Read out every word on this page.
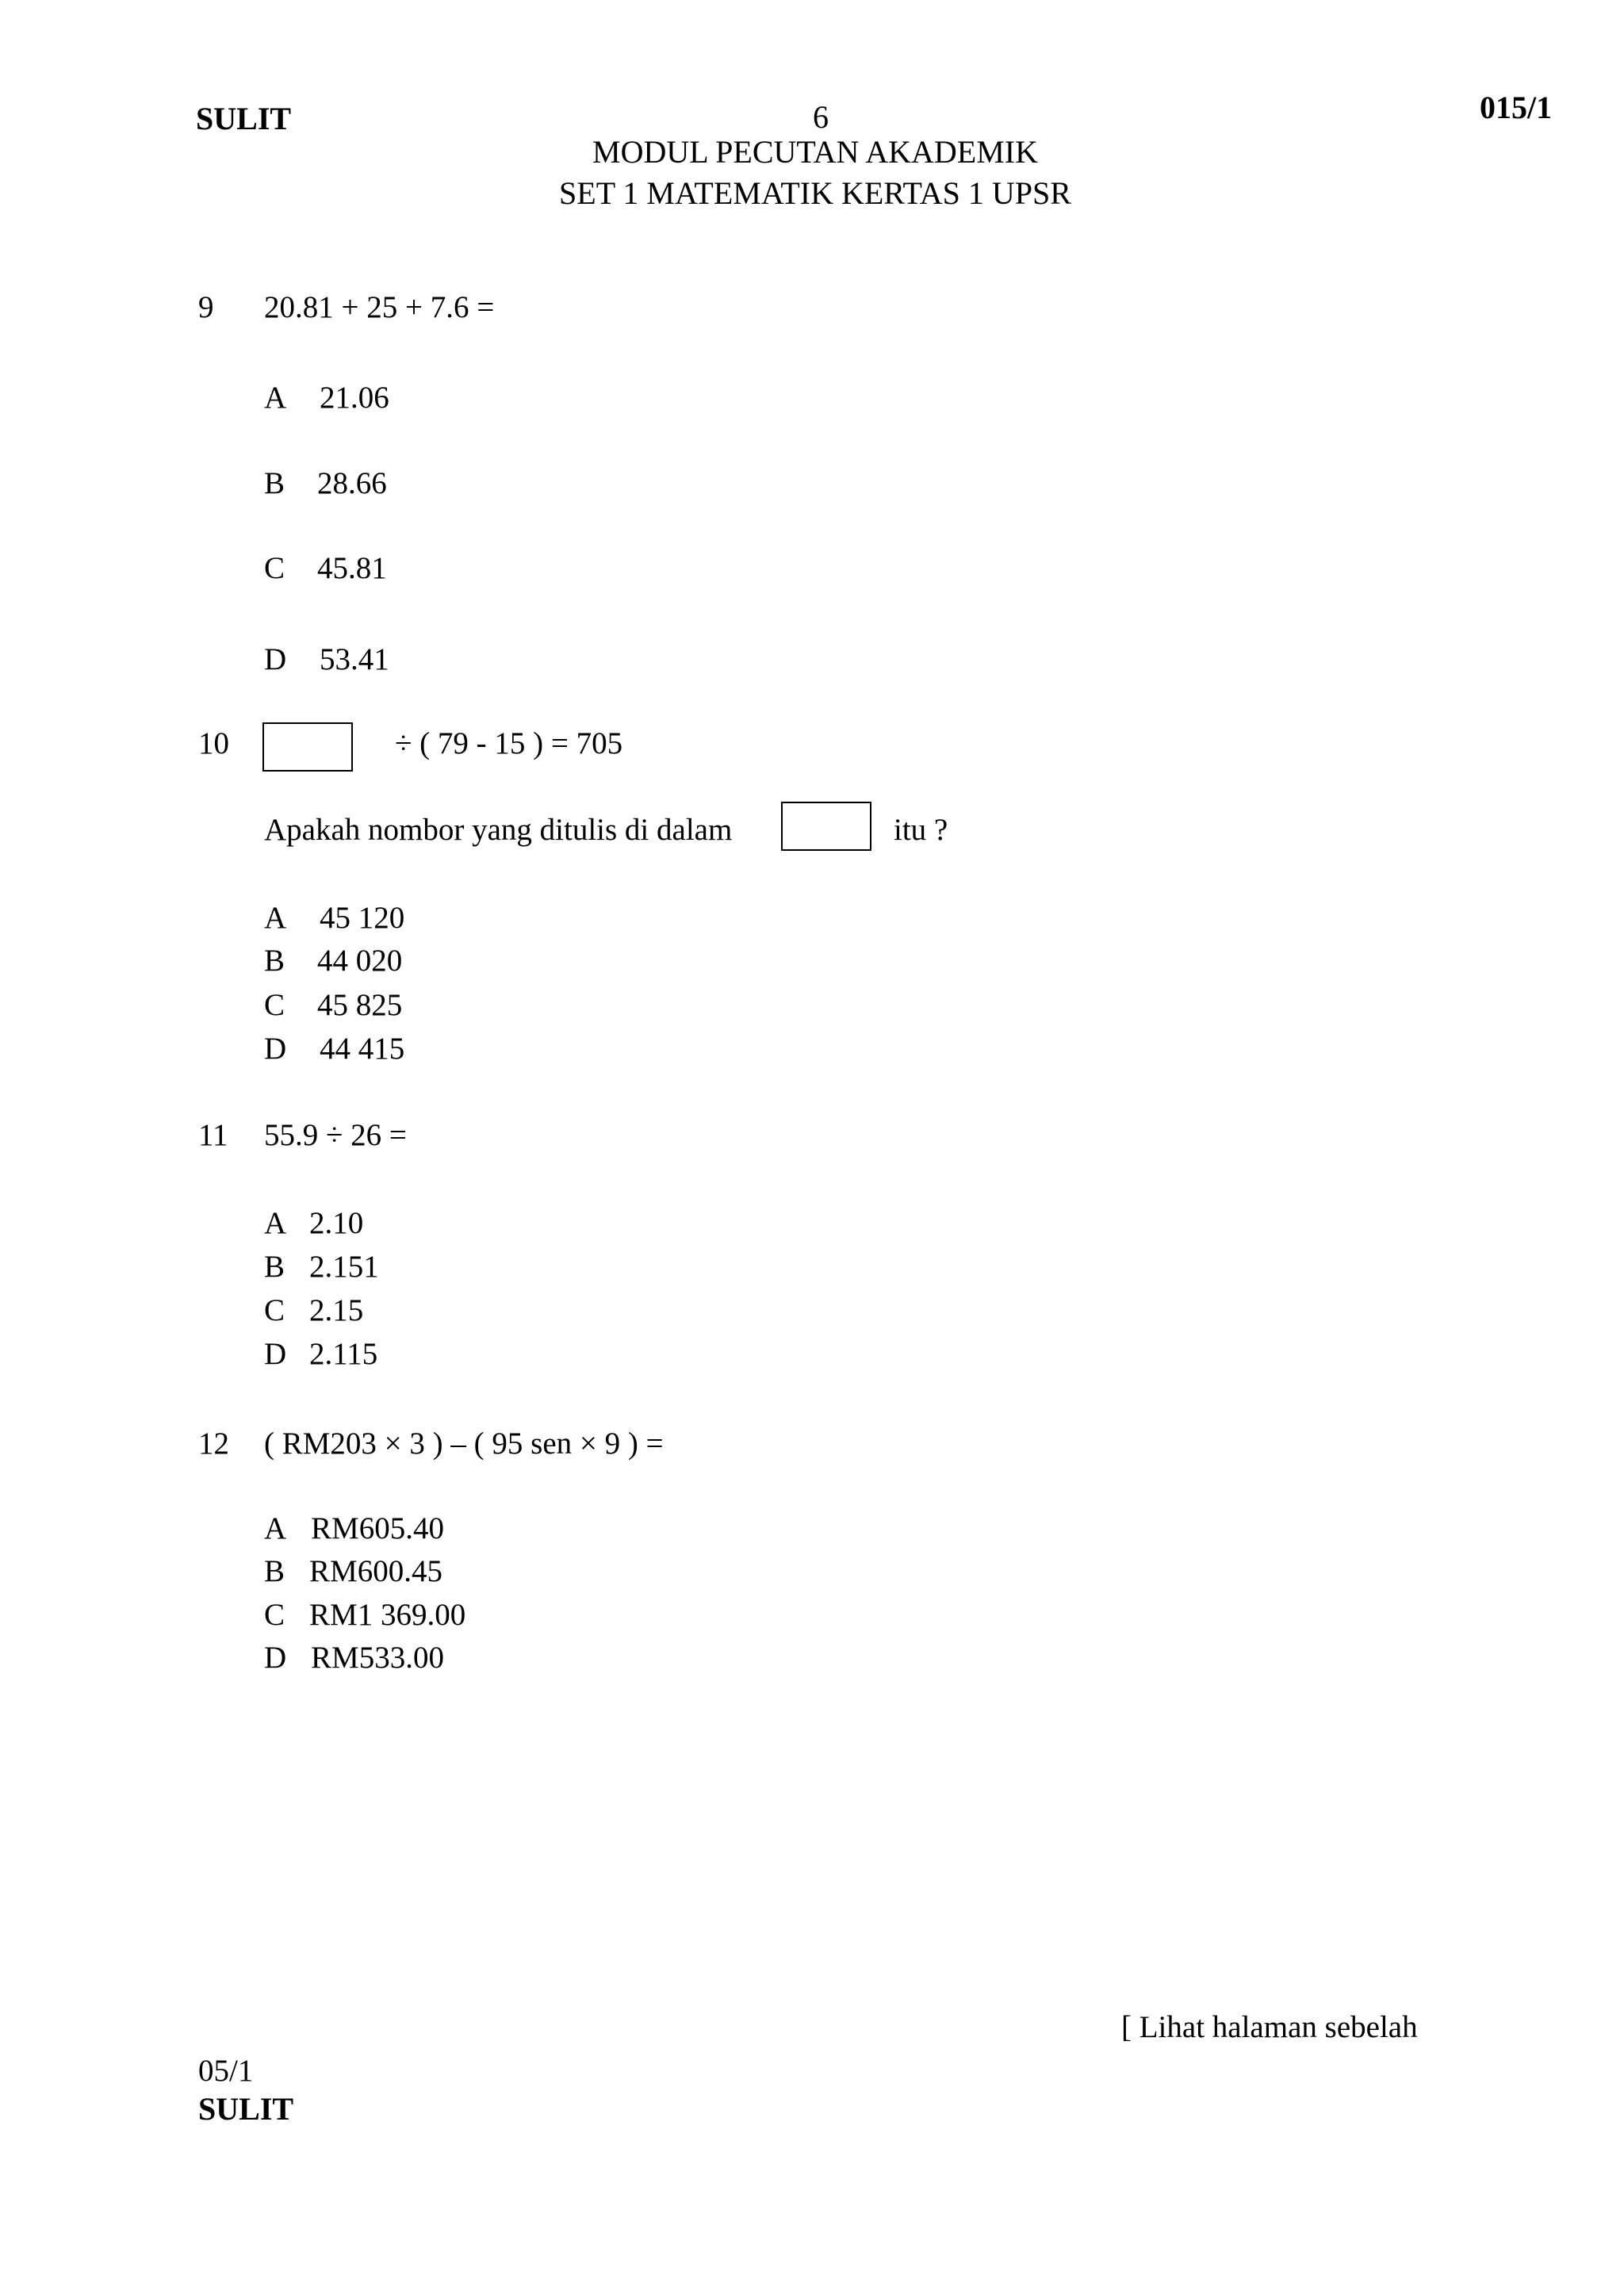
SULIT	6	015/1
MODUL PECUTAN AKADEMIK
SET 1 MATEMATIK KERTAS 1 UPSR
9 20.81 + 25 + 7.6 =
A 21.06
B 28.66
C 45.81
D 53.41
10	÷ ( 79 - 15 ) = 705
Apakah nombor yang ditulis di dalam	itu ?
A 45 120
B 44 020
C 45 825
D 44 415
11 55.9 ÷ 26 =
A 2.10
B 2.151
C 2.15
D 2.115
12 ( RM203 × 3 ) – ( 95 sen × 9 ) =
A RM605.40
B RM600.45
C RM1 369.00
D RM533.00
[ Lihat halaman sebelah
05/1
SULIT
